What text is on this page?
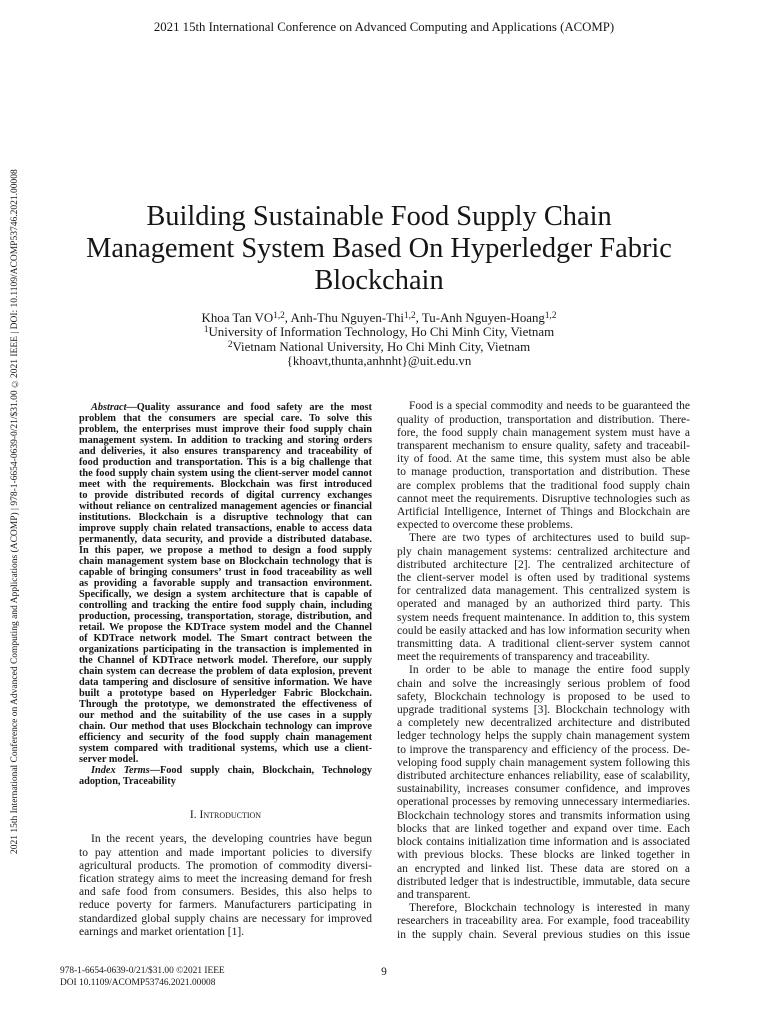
2021 15th International Conference on Advanced Computing and Applications (ACOMP)
2021 15th International Conference on Advanced Computing and Applications (ACOMP) | 978-1-6654-0639-0/21/$31.00 ©2021 IEEE | DOI: 10.1109/ACOMP53746.2021.00008	Building Sustainable Food Supply Chain
Management System Based On Hyperledger Fabric
Blockchain
Khoa Tan VO$^{1,2}$, Anh-Thu Nguyen-Thi$^{1,2}$, Tu-Anh Nguyen-Hoang$^{1,2}$
$^1$University of Information Technology, Ho Chi Minh City, Vietnam
$^2$Vietnam National University, Ho Chi Minh City, Vietnam
{khoavt,thunta,anhnht}@uit.edu.vn
Abstract—Quality assurance and food safety are the most
problem that the consumers are special care. To solve this
problem, the enterprises must improve their food supply chain
management system. In addition to tracking and storing orders
and deliveries, it also ensures transparency and traceability of
food production and transportation. This is a big challenge that
the food supply chain system using the client-server model cannot
meet with the requirements. Blockchain was first introduced
to provide distributed records of digital currency exchanges
without reliance on centralized management agencies or financial
institutions. Blockchain is a disruptive technology that can
improve supply chain related transactions, enable to access data
permanently, data security, and provide a distributed database.
In this paper, we propose a method to design a food supply
chain management system base on Blockchain technology that is
capable of bringing consumers’ trust in food traceability as well
as providing a favorable supply and transaction environment.
Specifically, we design a system architecture that is capable of
controlling and tracking the entire food supply chain, including
production, processing, transportation, storage, distribution, and
retail. We propose the KDTrace system model and the Channel
of KDTrace network model. The Smart contract between the
organizations participating in the transaction is implemented in
the Channel of KDTrace network model. Therefore, our supply
chain system can decrease the problem of data explosion, prevent
data tampering and disclosure of sensitive information. We have
built a prototype based on Hyperledger Fabric Blockchain.
Through the prototype, we demonstrated the effectiveness of
our method and the suitability of the use cases in a supply
chain. Our method that uses Blockchain technology can improve
efficiency and security of the food supply chain management
system compared with traditional systems, which use a client-
server model.
Index Terms—Food supply chain, Blockchain, Technology
adoption, Traceability
I. Introduction
In the recent years, the developing countries have begun
to pay attention and made important policies to diversify
agricultural products. The promotion of commodity diversi-
fication strategy aims to meet the increasing demand for fresh
and safe food from consumers. Besides, this also helps to
reduce poverty for farmers. Manufacturers participating in
standardized global supply chains are necessary for improved
earnings and market orientation [1].
Food is a special commodity and needs to be guaranteed the
quality of production, transportation and distribution. There-
fore, the food supply chain management system must have a
transparent mechanism to ensure quality, safety and traceabil-
ity of food. At the same time, this system must also be able
to manage production, transportation and distribution. These
are complex problems that the traditional food supply chain
cannot meet the requirements. Disruptive technologies such as
Artificial Intelligence, Internet of Things and Blockchain are
expected to overcome these problems.
There are two types of architectures used to build sup-
ply chain management systems: centralized architecture and
distributed architecture [2]. The centralized architecture of
the client-server model is often used by traditional systems
for centralized data management. This centralized system is
operated and managed by an authorized third party. This
system needs frequent maintenance. In addition to, this system
could be easily attacked and has low information security when
transmitting data. A traditional client-server system cannot
meet the requirements of transparency and traceability.
In order to be able to manage the entire food supply
chain and solve the increasingly serious problem of food
safety, Blockchain technology is proposed to be used to
upgrade traditional systems [3]. Blockchain technology with
a completely new decentralized architecture and distributed
ledger technology helps the supply chain management system
to improve the transparency and efficiency of the process. De-
veloping food supply chain management system following this
distributed architecture enhances reliability, ease of scalability,
sustainability, increases consumer confidence, and improves
operational processes by removing unnecessary intermediaries.
Blockchain technology stores and transmits information using
blocks that are linked together and expand over time. Each
block contains initialization time information and is associated
with previous blocks. These blocks are linked together in
an encrypted and linked list. These data are stored on a
distributed ledger that is indestructible, immutable, data secure
and transparent.
Therefore, Blockchain technology is interested in many
researchers in traceability area. For example, food traceability
in the supply chain. Several previous studies on this issue
978-1-6654-0639-0/21/$31.00 ©2021 IEEE
DOI 10.1109/ACOMP53746.2021.00008
9
